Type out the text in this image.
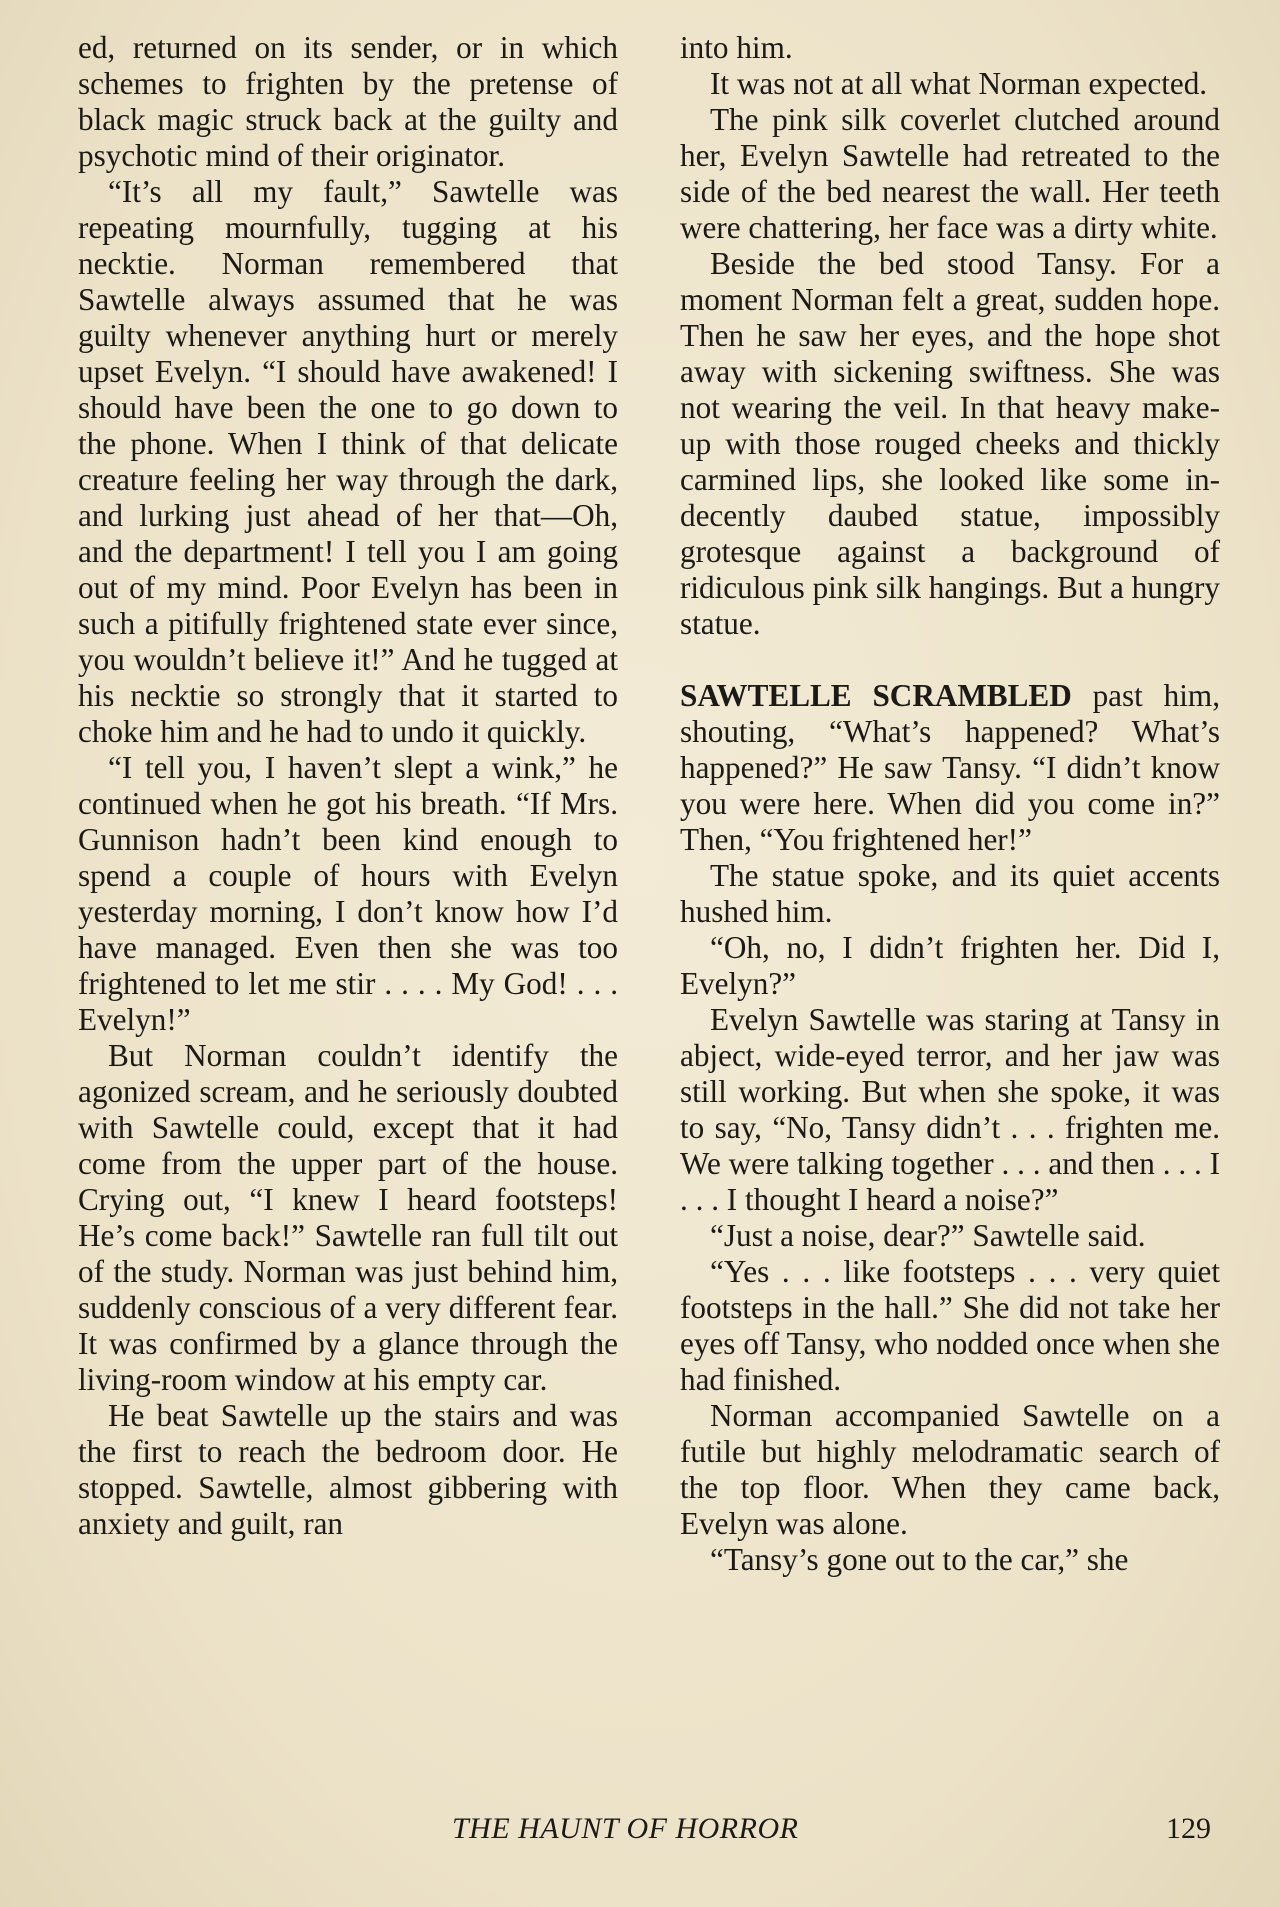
ed, returned on its sender, or in which schemes to frighten by the pretense of black magic struck back at the guilty and psychotic mind of their originator.

“It’s all my fault,” Sawtelle was repeating mournfully, tugging at his necktie. Norman remembered that Sawtelle always assumed that he was guilty whenever anything hurt or merely upset Evelyn. “I should have awakened! I should have been the one to go down to the phone. When I think of that delicate creature feeling her way through the dark, and lurking just ahead of her that—Oh, and the department! I tell you I am going out of my mind. Poor Evelyn has been in such a pitifully frightened state ever since, you wouldn’t believe it!” And he tugged at his necktie so strongly that it started to choke him and he had to undo it quickly.

“I tell you, I haven’t slept a wink,” he continued when he got his breath. “If Mrs. Gunnison hadn’t been kind enough to spend a couple of hours with Evelyn yesterday morning, I don’t know how I’d have managed. Even then she was too frightened to let me stir . . . . My God! . . . Evelyn!”

But Norman couldn’t identify the agonized scream, and he seriously doubted with Sawtelle could, except that it had come from the upper part of the house. Crying out, “I knew I heard footsteps! He’s come back!” Sawtelle ran full tilt out of the study. Norman was just behind him, suddenly conscious of a very different fear. It was confirmed by a glance through the living-room window at his empty car.

He beat Sawtelle up the stairs and was the first to reach the bedroom door. He stopped. Sawtelle, almost gibbering with anxiety and guilt, ran

into him.

It was not at all what Norman expected.

The pink silk coverlet clutched around her, Evelyn Sawtelle had retreated to the side of the bed nearest the wall. Her teeth were chattering, her face was a dirty white.

Beside the bed stood Tansy. For a moment Norman felt a great, sudden hope. Then he saw her eyes, and the hope shot away with sickening swiftness. She was not wearing the veil. In that heavy make-up with those rouged cheeks and thickly carmined lips, she looked like some indecently daubed statue, impossibly grotesque against a background of ridiculous pink silk hangings. But a hungry statue.

SAWTELLE SCRAMBLED past him, shouting, “What’s happened? What’s happened?” He saw Tansy. “I didn’t know you were here. When did you come in?” Then, “You frightened her!”

The statue spoke, and its quiet accents hushed him.

“Oh, no, I didn’t frighten her. Did I, Evelyn?”

Evelyn Sawtelle was staring at Tansy in abject, wide-eyed terror, and her jaw was still working. But when she spoke, it was to say, “No, Tansy didn’t . . . frighten me. We were talking together . . . and then . . . I . . . I thought I heard a noise?”

“Just a noise, dear?” Sawtelle said.

“Yes . . . like footsteps . . . very quiet footsteps in the hall.” She did not take her eyes off Tansy, who nodded once when she had finished.

Norman accompanied Sawtelle on a futile but highly melodramatic search of the top floor. When they came back, Evelyn was alone.

“Tansy’s gone out to the car,” she

THE HAUNT OF HORROR	129
